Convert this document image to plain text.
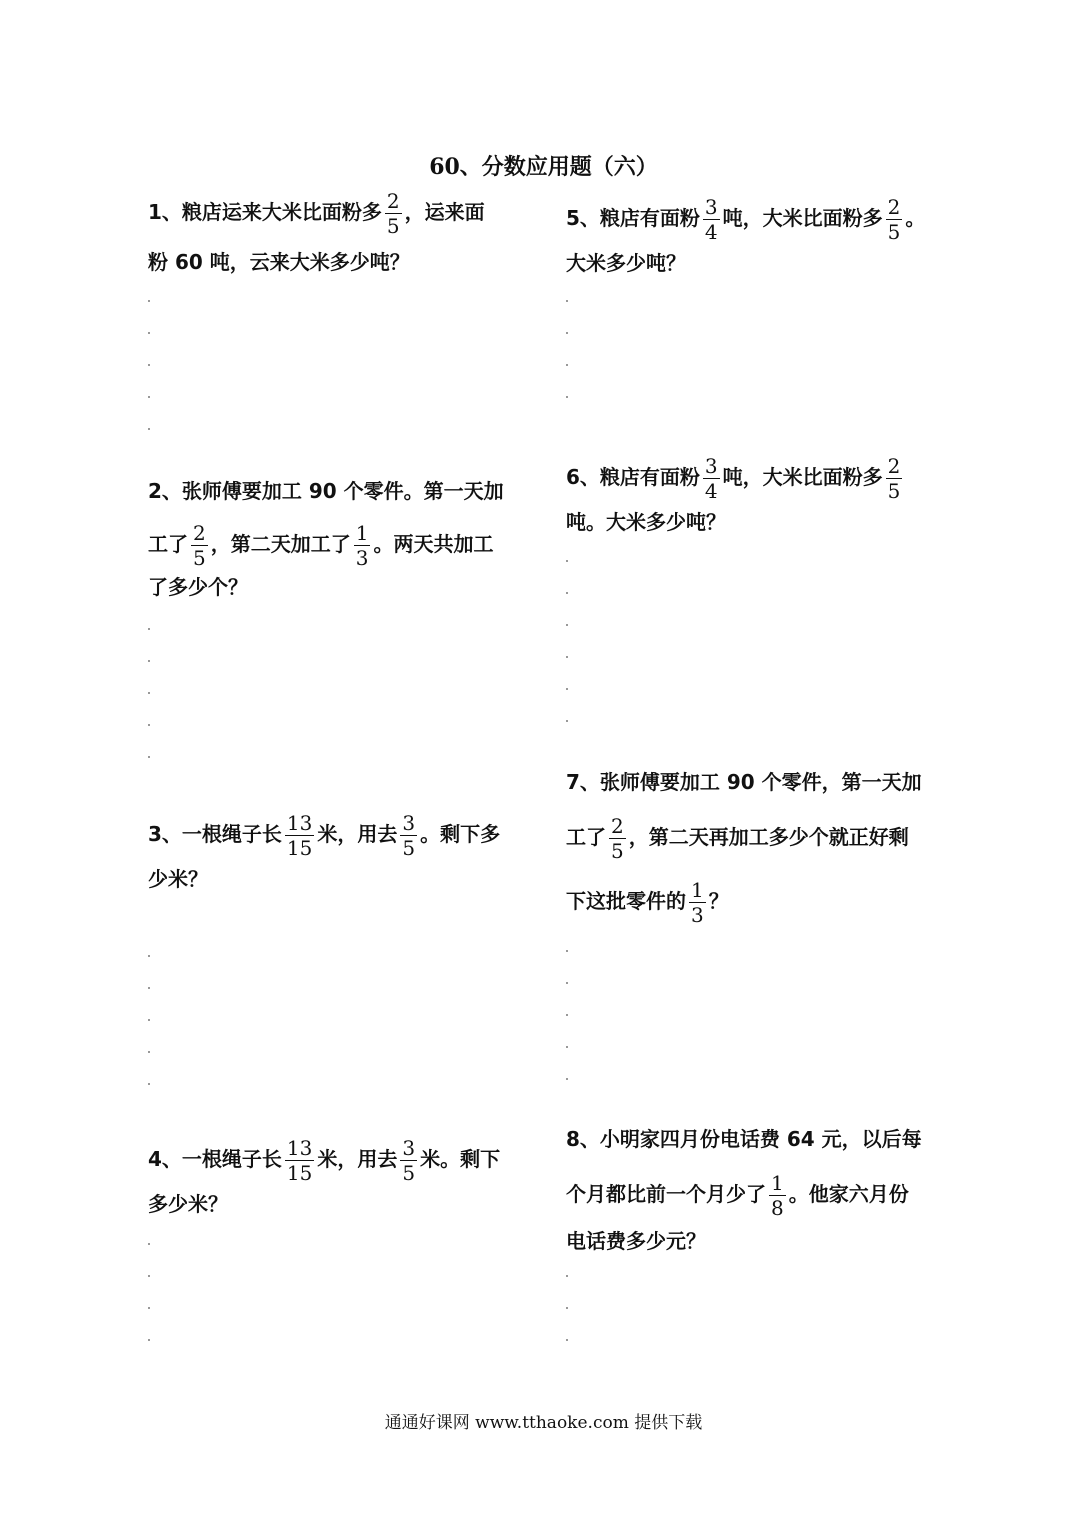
60、分数应用题（六）
1、粮店运来大米比面粉多 $\frac{2}{5}$ ，运来面
粉 60 吨，云来大米多少吨？
2、张师傅要加工 90 个零件。第一天加
工了 $\frac{2}{5}$ ，第二天加工了 $\frac{1}{3}$ 。两天共加工
了多少个？
3、一根绳子长 $\frac{13}{15}$ 米，用去 $\frac{3}{5}$ 。剩下多
少米？
4、一根绳子长 $\frac{13}{15}$ 米，用去 $\frac{3}{5}$ 米。剩下
多少米？
5、粮店有面粉 $\frac{3}{4}$ 吨，大米比面粉多 $\frac{2}{5}$ 。
大米多少吨？
6、粮店有面粉 $\frac{3}{4}$ 吨，大米比面粉多 $\frac{2}{5}$
吨。大米多少吨？
7、张师傅要加工 90 个零件，第一天加
工了 $\frac{2}{5}$ ，第二天再加工多少个就正好剩
下这批零件的 $\frac{1}{3}$ ？
8、小明家四月份电话费 64 元，以后每
个月都比前一个月少了 $\frac{1}{8}$ 。他家六月份
电话费多少元？
通通好课网 www.tthaoke.com 提供下载
